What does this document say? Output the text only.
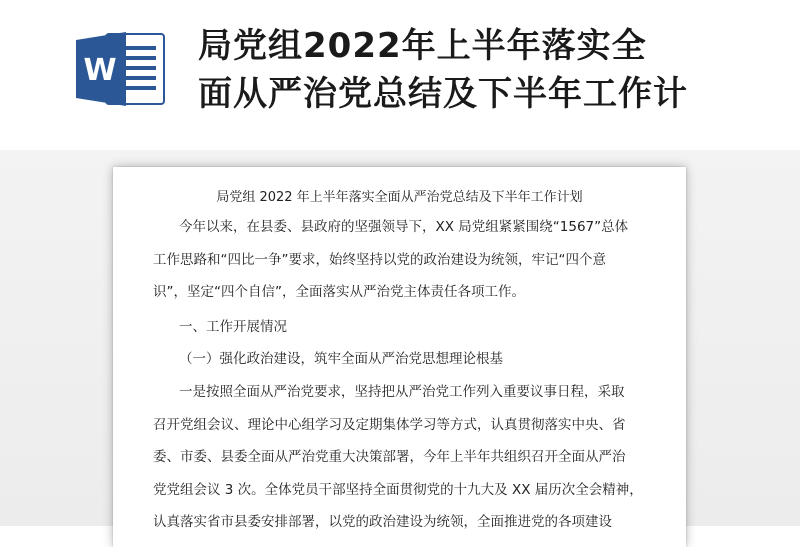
W
局党组2022年上半年落实全
面从严治党总结及下半年工作计
局党组 2022 年上半年落实全面从严治党总结及下半年工作计划
今年以来，在县委、县政府的坚强领导下，XX 局党组紧紧围绕“1567”总体
工作思路和“四比一争”要求，始终坚持以党的政治建设为统领，牢记“四个意
识”，坚定“四个自信”，全面落实从严治党主体责任各项工作。
一、工作开展情况
（一）强化政治建设，筑牢全面从严治党思想理论根基
一是按照全面从严治党要求，坚持把从严治党工作列入重要议事日程，采取
召开党组会议、理论中心组学习及定期集体学习等方式，认真贯彻落实中央、省
委、市委、县委全面从严治党重大决策部署，今年上半年共组织召开全面从严治
党党组会议 3 次。全体党员干部坚持全面贯彻党的十九大及 XX 届历次全会精神，
认真落实省市县委安排部署，以党的政治建设为统领，全面推进党的各项建设
